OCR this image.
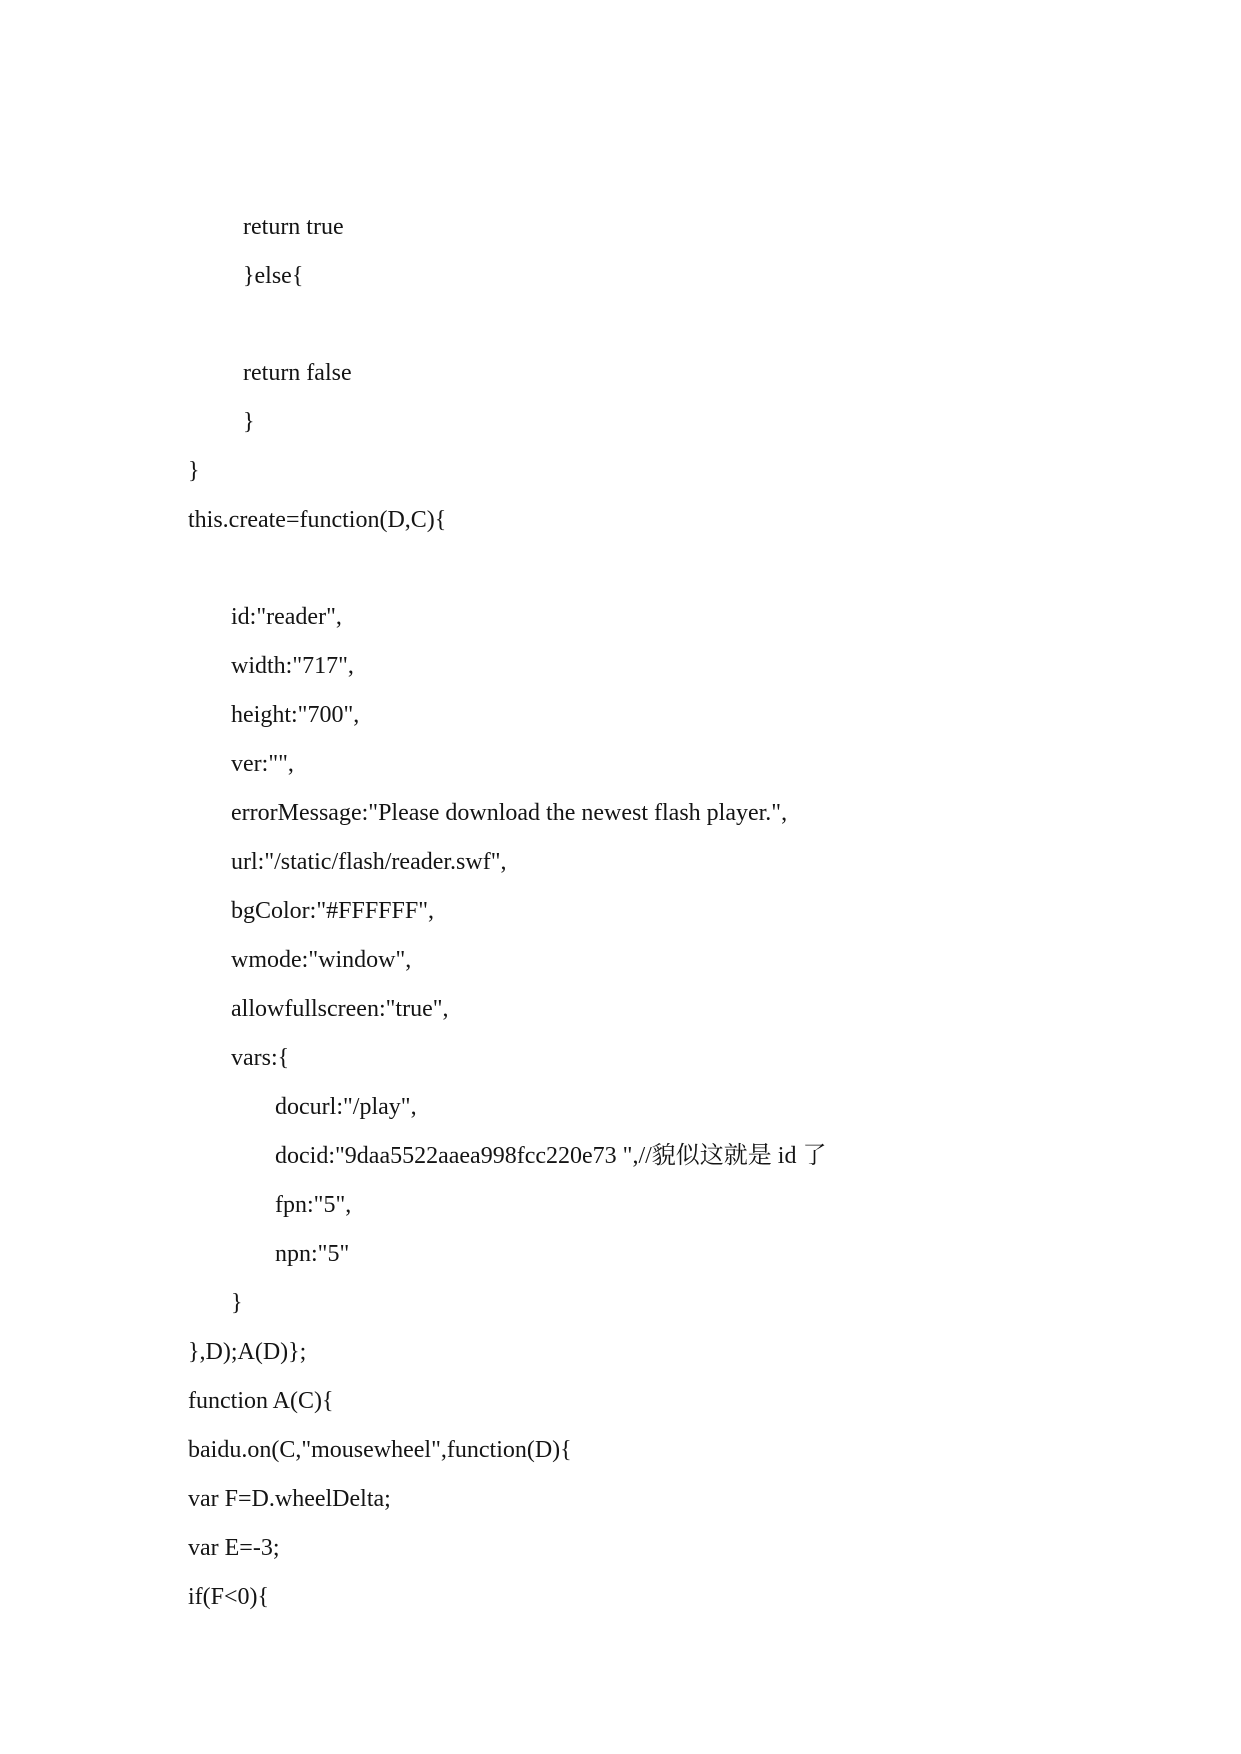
return true
}else{
return false
}
}
this.create=function(D,C){
id:"reader",
width:"717",
height:"700",
ver:"",
errorMessage:"Please download the newest flash player.",
url:"/static/flash/reader.swf",
bgColor:"#FFFFFF",
wmode:"window",
allowfullscreen:"true",
vars:{
docurl:"/play",
docid:"9daa5522aaea998fcc220e73 ",//貌似这就是 id 了
fpn:"5",
npn:"5"
}
},D);A(D)};
function A(C){
baidu.on(C,"mousewheel",function(D){
var F=D.wheelDelta;
var E=-3;
if(F<0){
